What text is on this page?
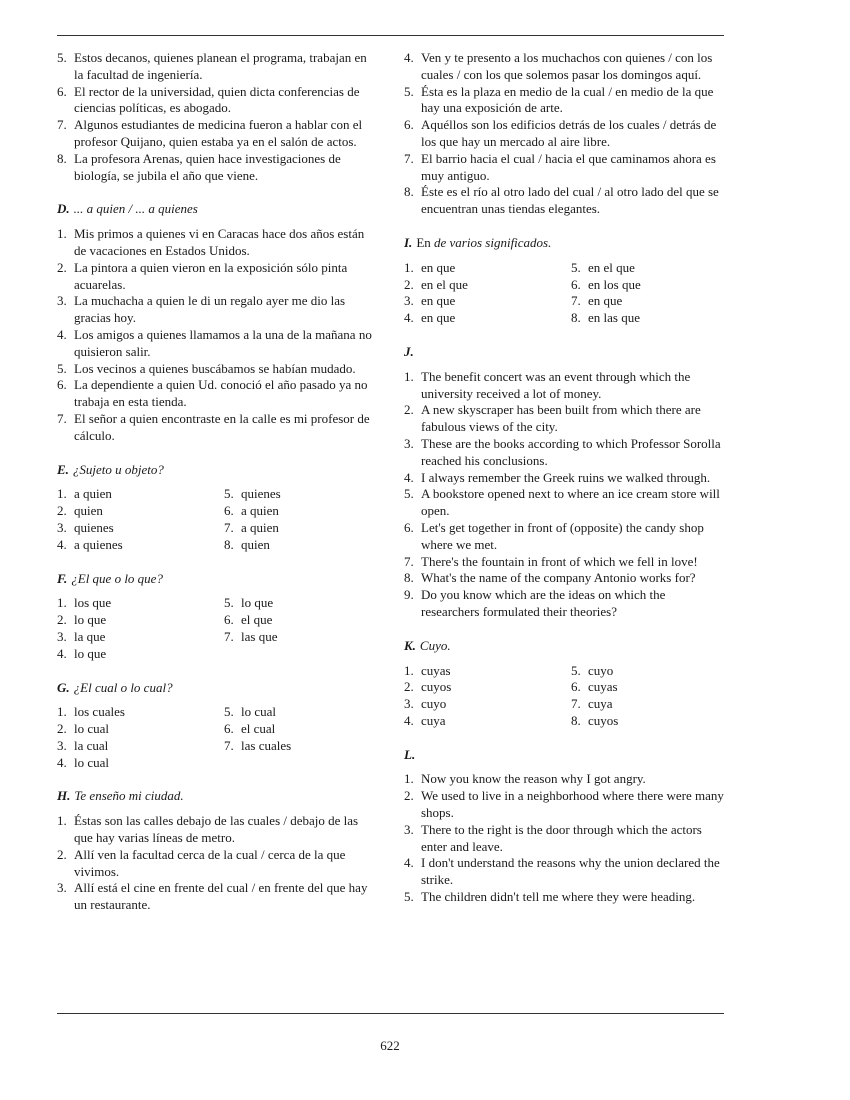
5. Estos decanos, quienes planean el programa, trabajan en la facultad de ingeniería.
6. El rector de la universidad, quien dicta conferencias de ciencias políticas, es abogado.
7. Algunos estudiantes de medicina fueron a hablar con el profesor Quijano, quien estaba ya en el salón de actos.
8. La profesora Arenas, quien hace investigaciones de biología, se jubila el año que viene.
D. ... a quien / ... a quienes
1. Mis primos a quienes vi en Caracas hace dos años están de vacaciones en Estados Unidos.
2. La pintora a quien vieron en la exposición sólo pinta acuarelas.
3. La muchacha a quien le di un regalo ayer me dio las gracias hoy.
4. Los amigos a quienes llamamos a la una de la mañana no quisieron salir.
5. Los vecinos a quienes buscábamos se habían mudado.
6. La dependiente a quien Ud. conoció el año pasado ya no trabaja en esta tienda.
7. El señor a quien encontraste en la calle es mi profesor de cálculo.
E. ¿Sujeto u objeto?
1. a quien
2. quien
3. quienes
4. a quienes
5. quienes
6. a quien
7. a quien
8. quien
F. ¿El que o lo que?
1. los que
2. lo que
3. la que
4. lo que
5. lo que
6. el que
7. las que
G. ¿El cual o lo cual?
1. los cuales
2. lo cual
3. la cual
4. lo cual
5. lo cual
6. el cual
7. las cuales
H. Te enseño mi ciudad.
1. Éstas son las calles debajo de las cuales / debajo de las que hay varias líneas de metro.
2. Allí ven la facultad cerca de la cual / cerca de la que vivimos.
3. Allí está el cine en frente del cual / en frente del que hay un restaurante.
4. Ven y te presento a los muchachos con quienes / con los cuales / con los que solemos pasar los domingos aquí.
5. Ésta es la plaza en medio de la cual / en medio de la que hay una exposición de arte.
6. Aquéllos son los edificios detrás de los cuales / detrás de los que hay un mercado al aire libre.
7. El barrio hacia el cual / hacia el que caminamos ahora es muy antiguo.
8. Éste es el río al otro lado del cual / al otro lado del que se encuentran unas tiendas elegantes.
I. En de varios significados.
1. en que
2. en el que
3. en que
4. en que
5. en el que
6. en los que
7. en que
8. en las que
J.
1. The benefit concert was an event through which the university received a lot of money.
2. A new skyscraper has been built from which there are fabulous views of the city.
3. These are the books according to which Professor Sorolla reached his conclusions.
4. I always remember the Greek ruins we walked through.
5. A bookstore opened next to where an ice cream store will open.
6. Let's get together in front of (opposite) the candy shop where we met.
7. There's the fountain in front of which we fell in love!
8. What's the name of the company Antonio works for?
9. Do you know which are the ideas on which the researchers formulated their theories?
K. Cuyo.
1. cuyas
2. cuyos
3. cuyo
4. cuya
5. cuyo
6. cuyas
7. cuya
8. cuyos
L.
1. Now you know the reason why I got angry.
2. We used to live in a neighborhood where there were many shops.
3. There to the right is the door through which the actors enter and leave.
4. I don't understand the reasons why the union declared the strike.
5. The children didn't tell me where they were heading.
622
